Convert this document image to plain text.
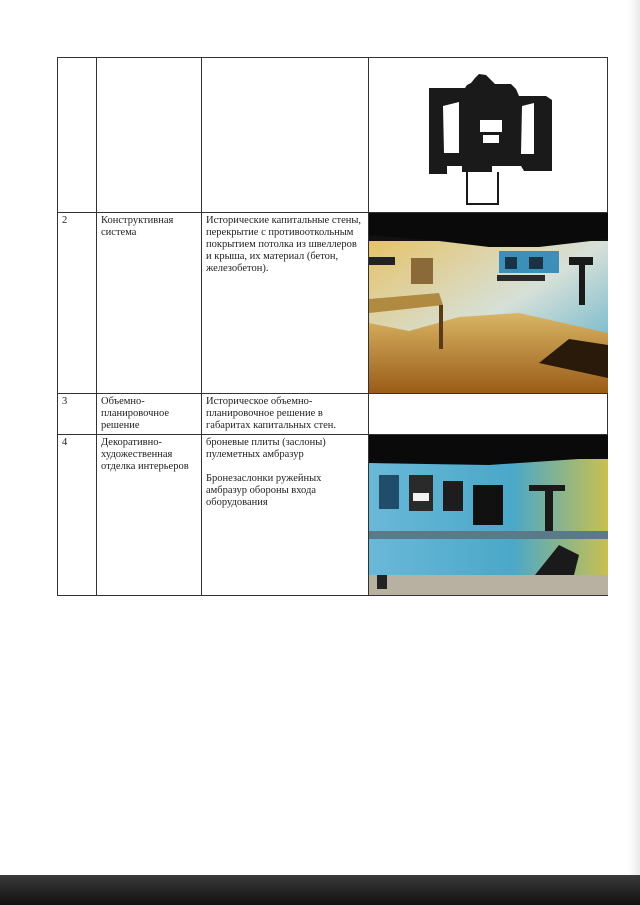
2	Конструктивная система	Исторические капитальные стены, перекрытие с противооткольным покрытием потолка из швеллеров и крыша, их материал (бетон, железобетон).	

3	Объемно-планировочное решение	Историческое объемно-планировочное решение в габаритах капитальных стен.	
4	Декоративно-художественная отделка интерьеров	броневые плиты (заслоны) пулеметных амбразур
Бронезаслонки ружейных амбразур обороны входа оборудования	
